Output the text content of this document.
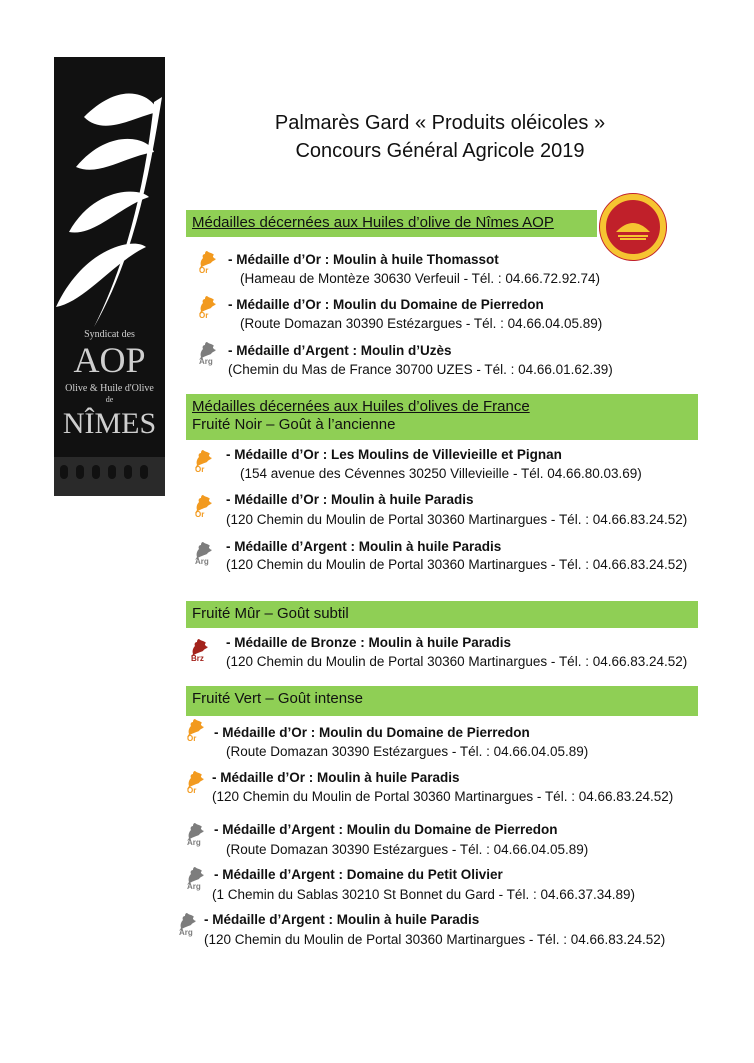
Syndicat des
AOP
Olive & Huile d'Olive
de
NÎMES
Palmarès Gard « Produits oléicoles »
Concours Général Agricole 2019
Médailles décernées aux Huiles d’olive de Nîmes AOP
Médailles décernées aux Huiles d’olives de France
Fruité Noir – Goût à l’ancienne
Fruité Mûr – Goût subtil
Fruité Vert – Goût intense
Or
- Médaille d’Or : Moulin à huile Thomassot
(Hameau de Montèze 30630 Verfeuil - Tél. : 04.66.72.92.74)
Or
- Médaille d’Or : Moulin du Domaine de Pierredon
(Route Domazan 30390 Estézargues - Tél. : 04.66.04.05.89)
Arg
- Médaille d’Argent : Moulin d’Uzès
(Chemin du Mas de France 30700 UZES - Tél. : 04.66.01.62.39)
Or
- Médaille d’Or : Les Moulins de Villevieille et Pignan
(154 avenue des Cévennes 30250 Villevieille - Tél. 04.66.80.03.69)
Or
- Médaille d’Or : Moulin à huile Paradis
(120 Chemin du Moulin de Portal 30360 Martinargues - Tél. : 04.66.83.24.52)
Arg
- Médaille d’Argent : Moulin à huile Paradis
(120 Chemin du Moulin de Portal 30360 Martinargues - Tél. : 04.66.83.24.52)
Brz
- Médaille de Bronze : Moulin à huile Paradis
(120 Chemin du Moulin de Portal 30360 Martinargues - Tél. : 04.66.83.24.52)
Or - Médaille d’Or : Moulin du Domaine de Pierredon
(Route Domazan 30390 Estézargues - Tél. : 04.66.04.05.89)
Or
- Médaille d’Or : Moulin à huile Paradis
(120 Chemin du Moulin de Portal 30360 Martinargues - Tél. : 04.66.83.24.52)
Arg
- Médaille d’Argent : Moulin du Domaine de Pierredon
(Route Domazan 30390 Estézargues - Tél. : 04.66.04.05.89)
Arg
- Médaille d’Argent : Domaine du Petit Olivier
(1 Chemin du Sablas 30210 St Bonnet du Gard - Tél. : 04.66.37.34.89)
Arg
- Médaille d’Argent : Moulin à huile Paradis
(120 Chemin du Moulin de Portal 30360 Martinargues - Tél. : 04.66.83.24.52)
